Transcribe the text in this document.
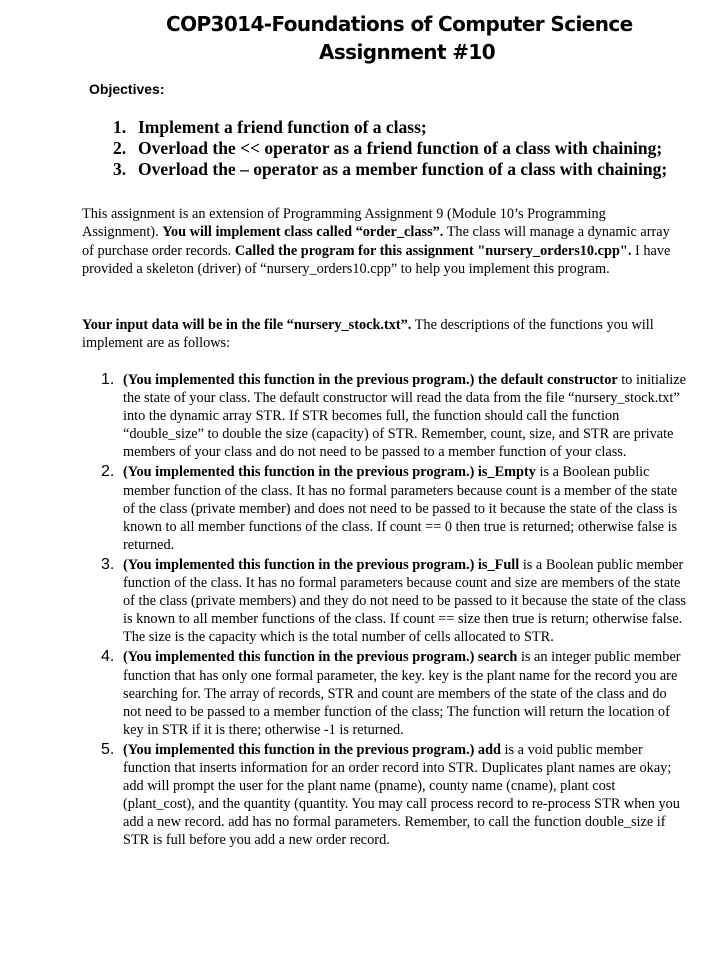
COP3014-Foundations of Computer Science
Assignment #10
Objectives:
1. Implement a friend function of a class;
2. Overload the << operator as a friend function of a class with chaining;
3. Overload the – operator as a member function of a class with chaining;
This assignment is an extension of Programming Assignment 9 (Module 10’s Programming Assignment). You will implement class called “order_class”. The class will manage a dynamic array of purchase order records. Called the program for this assignment "nursery_orders10.cpp". I have provided a skeleton (driver) of “nursery_orders10.cpp” to help you implement this program.
Your input data will be in the file “nursery_stock.txt”. The descriptions of the functions you will implement are as follows:
1. (You implemented this function in the previous program.) the default constructor to initialize the state of your class. The default constructor will read the data from the file “nursery_stock.txt” into the dynamic array STR. If STR becomes full, the function should call the function “double_size” to double the size (capacity) of STR. Remember, count, size, and STR are private members of your class and do not need to be passed to a member function of your class.
2. (You implemented this function in the previous program.) is_Empty is a Boolean public member function of the class. It has no formal parameters because count is a member of the state of the class (private member) and does not need to be passed to it because the state of the class is known to all member functions of the class. If count == 0 then true is returned; otherwise false is returned.
3. (You implemented this function in the previous program.) is_Full is a Boolean public member function of the class. It has no formal parameters because count and size are members of the state of the class (private members) and they do not need to be passed to it because the state of the class is known to all member functions of the class. If count == size then true is return; otherwise false. The size is the capacity which is the total number of cells allocated to STR.
4. (You implemented this function in the previous program.) search is an integer public member function that has only one formal parameter, the key. key is the plant name for the record you are searching for. The array of records, STR and count are members of the state of the class and do not need to be passed to a member function of the class; The function will return the location of key in STR if it is there; otherwise -1 is returned.
5. (You implemented this function in the previous program.) add is a void public member function that inserts information for an order record into STR. Duplicates plant names are okay; add will prompt the user for the plant name (pname), county name (cname), plant cost (plant_cost), and the quantity (quantity. You may call process record to re-process STR when you add a new record. add has no formal parameters. Remember, to call the function double_size if STR is full before you add a new order record.
